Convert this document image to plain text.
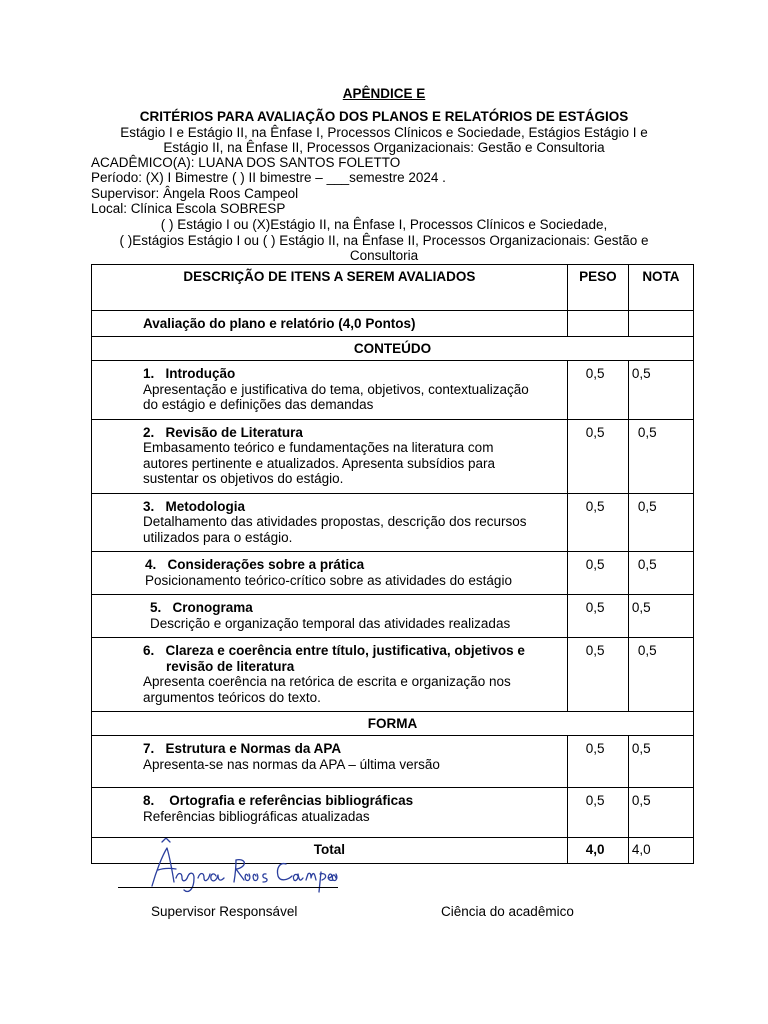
APÊNDICE E
CRITÉRIOS PARA AVALIAÇÃO DOS PLANOS E RELATÓRIOS DE ESTÁGIOS
Estágio I e Estágio II, na Ênfase I, Processos Clínicos e Sociedade, Estágios Estágio I e
Estágio II, na Ênfase II, Processos Organizacionais: Gestão e Consultoria
ACADÊMICO(A): LUANA DOS SANTOS FOLETTO
Período: (X) I Bimestre ( ) II bimestre – ___semestre 2024 .
Supervisor: Ângela Roos Campeol
Local: Clínica Escola SOBRESP
( ) Estágio I ou (X)Estágio II, na Ênfase I, Processos Clínicos e Sociedade,
( )Estágios Estágio I ou ( ) Estágio II, na Ênfase II, Processos Organizacionais: Gestão e
Consultoria
DESCRIÇÃO DE ITENS A SEREM AVALIADOS	PESO	NOTA
Avaliação do plano e relatório (4,0 Pontos)		
CONTEÚDO		

1. Introdução
Apresentação e justificativa do tema, objetivos, contextualização
do estágio e definições das demandas	0,5	0,5

2. Revisão de Literatura
Embasamento teórico e fundamentações na literatura com
autores pertinente e atualizados. Apresenta subsídios para
sustentar os objetivos do estágio.	0,5	0,5

3. Metodologia
Detalhamento das atividades propostas, descrição dos recursos
utilizados para o estágio.	0,5	0,5

4. Considerações sobre a prática
Posicionamento teórico-crítico sobre as atividades do estágio	0,5	0,5

5. Cronograma
Descrição e organização temporal das atividades realizadas	0,5	0,5

6. Clareza e coerência entre título, justificativa, objetivos e
revisão de literatura
Apresenta coerência na retórica de escrita e organização nos
argumentos teóricos do texto.	0,5	0,5
FORMA		

7. Estrutura e Normas da APA
Apresenta-se nas normas da APA – última versão	0,5	0,5

8. Ortografia e referências bibliográficas
Referências bibliográficas atualizadas	0,5	0,5
Total	4,0	4,0
Supervisor Responsável	Ciência do acadêmico
